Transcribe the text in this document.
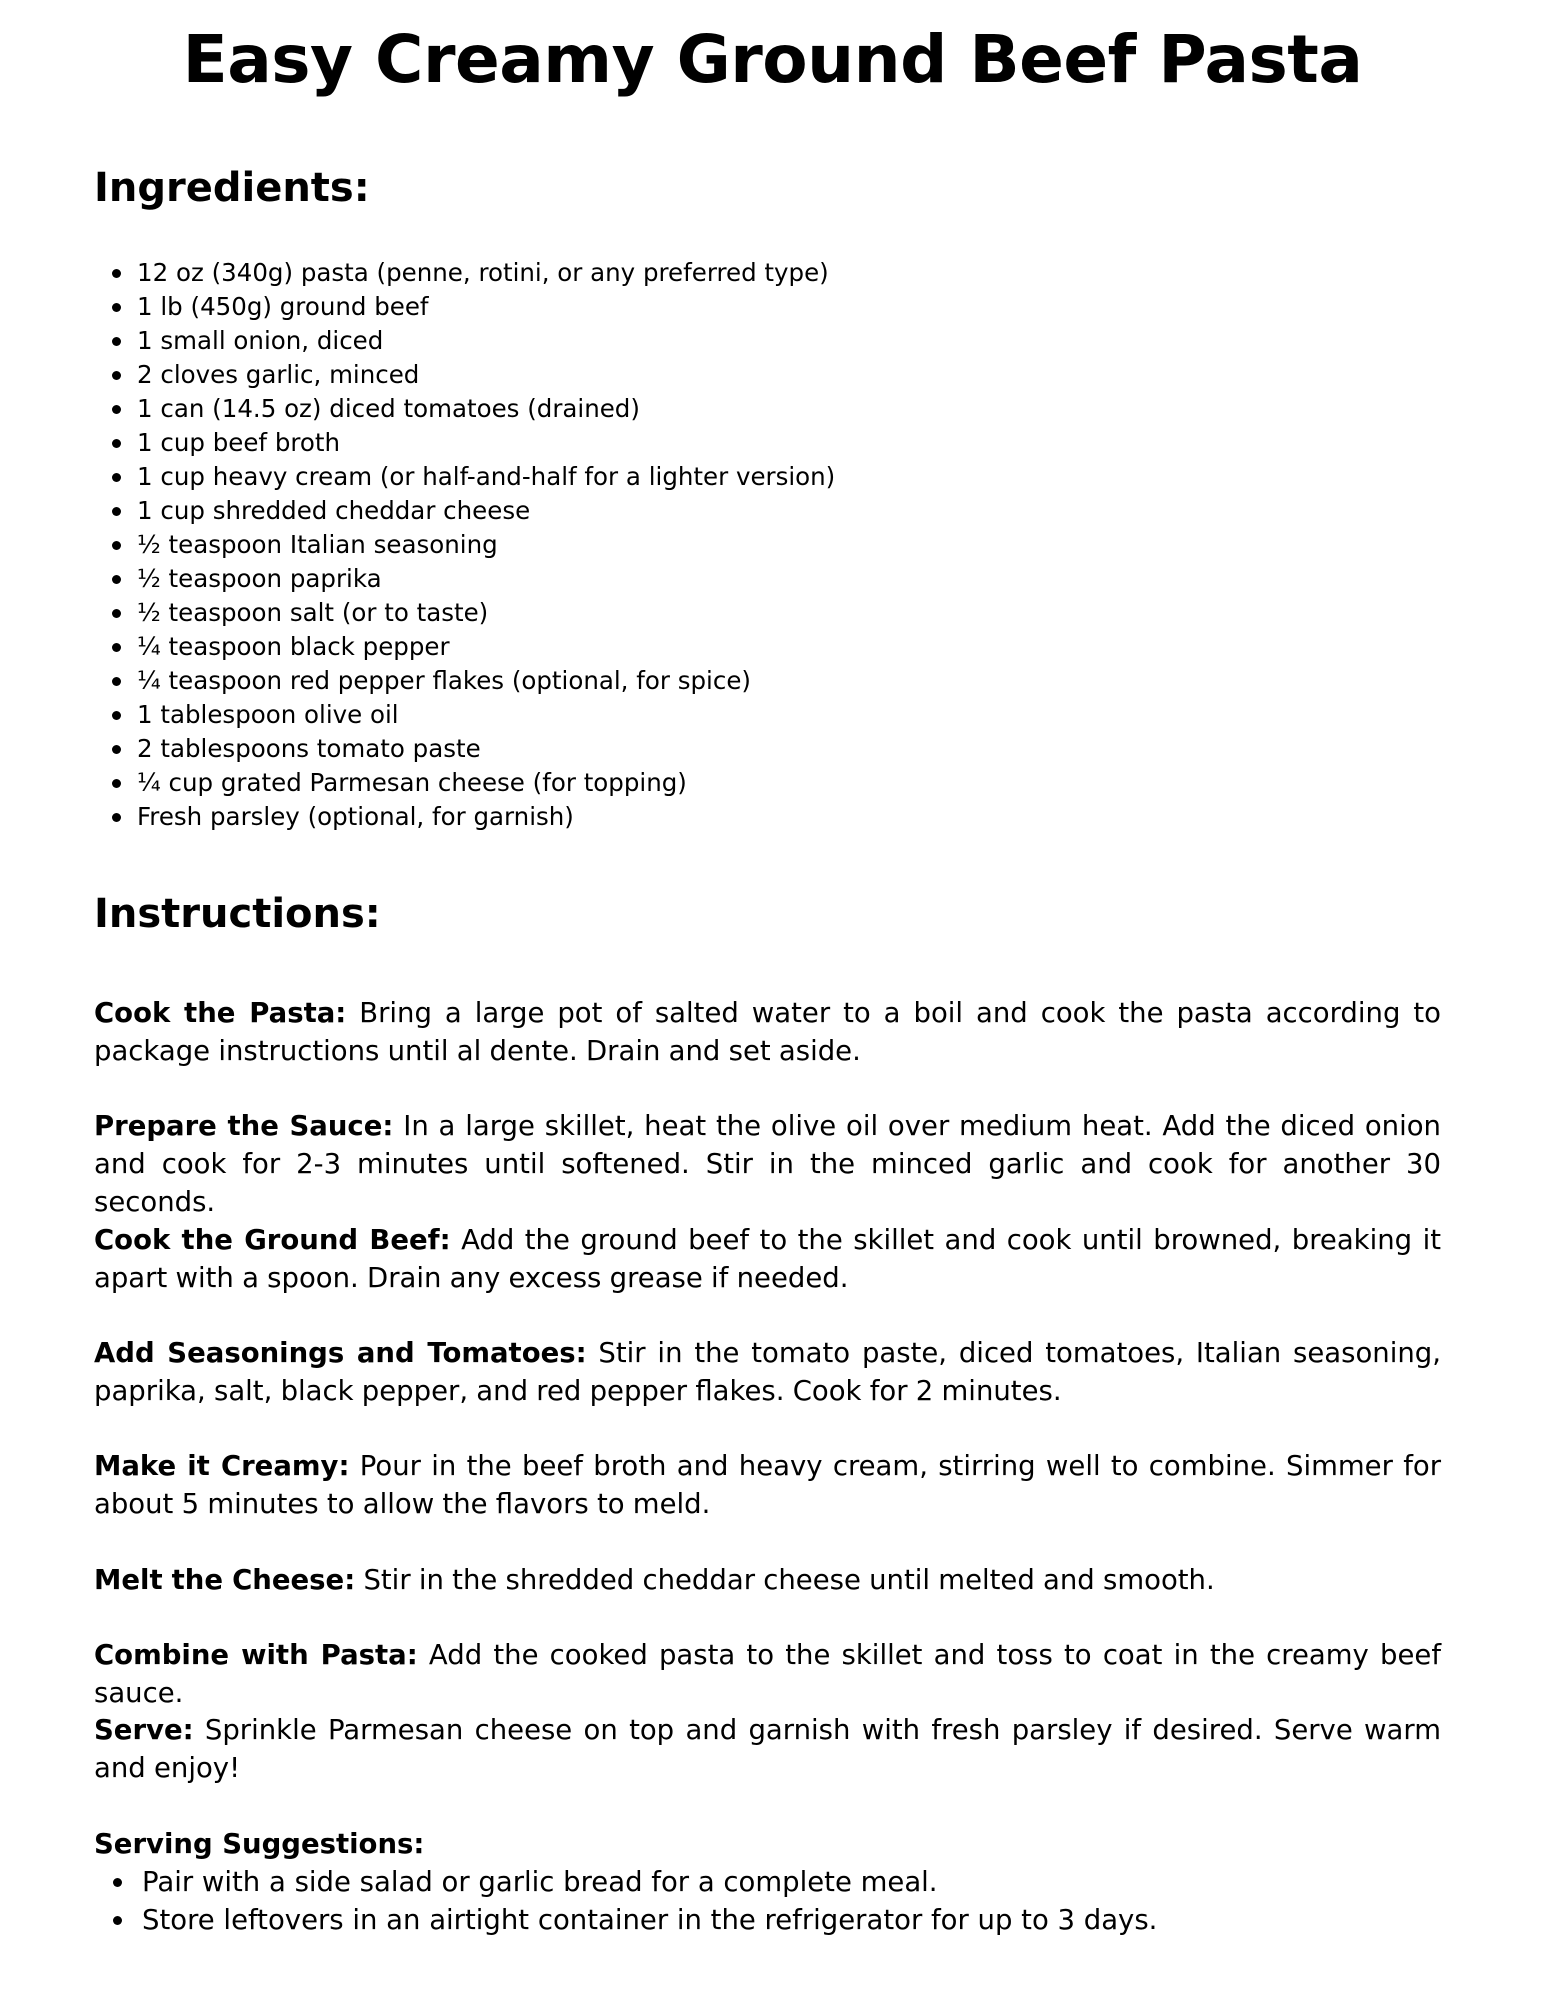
Easy Creamy Ground Beef Pasta
Ingredients:
12 oz (340g) pasta (penne, rotini, or any preferred type)
1 lb (450g) ground beef
1 small onion, diced
2 cloves garlic, minced
1 can (14.5 oz) diced tomatoes (drained)
1 cup beef broth
1 cup heavy cream (or half-and-half for a lighter version)
1 cup shredded cheddar cheese
½ teaspoon Italian seasoning
½ teaspoon paprika
½ teaspoon salt (or to taste)
¼ teaspoon black pepper
¼ teaspoon red pepper flakes (optional, for spice)
1 tablespoon olive oil
2 tablespoons tomato paste
¼ cup grated Parmesan cheese (for topping)
Fresh parsley (optional, for garnish)
Instructions:

Cook the Pasta: Bring a large pot of salted water to a boil and cook the pasta according to package instructions until al dente. Drain and set aside.

Prepare the Sauce: In a large skillet, heat the olive oil over medium heat. Add the diced onion and cook for 2-3 minutes until softened. Stir in the minced garlic and cook for another 30 seconds.

Cook the Ground Beef: Add the ground beef to the skillet and cook until browned, breaking it apart with a spoon. Drain any excess grease if needed.

Add Seasonings and Tomatoes: Stir in the tomato paste, diced tomatoes, Italian seasoning, paprika, salt, black pepper, and red pepper flakes. Cook for 2 minutes.

Make it Creamy: Pour in the beef broth and heavy cream, stirring well to combine. Simmer for about 5 minutes to allow the flavors to meld.

Melt the Cheese: Stir in the shredded cheddar cheese until melted and smooth.

Combine with Pasta: Add the cooked pasta to the skillet and toss to coat in the creamy beef sauce.

Serve: Sprinkle Parmesan cheese on top and garnish with fresh parsley if desired. Serve warm and enjoy!

Serving Suggestions:
Pair with a side salad or garlic bread for a complete meal.
Store leftovers in an airtight container in the refrigerator for up to 3 days.
